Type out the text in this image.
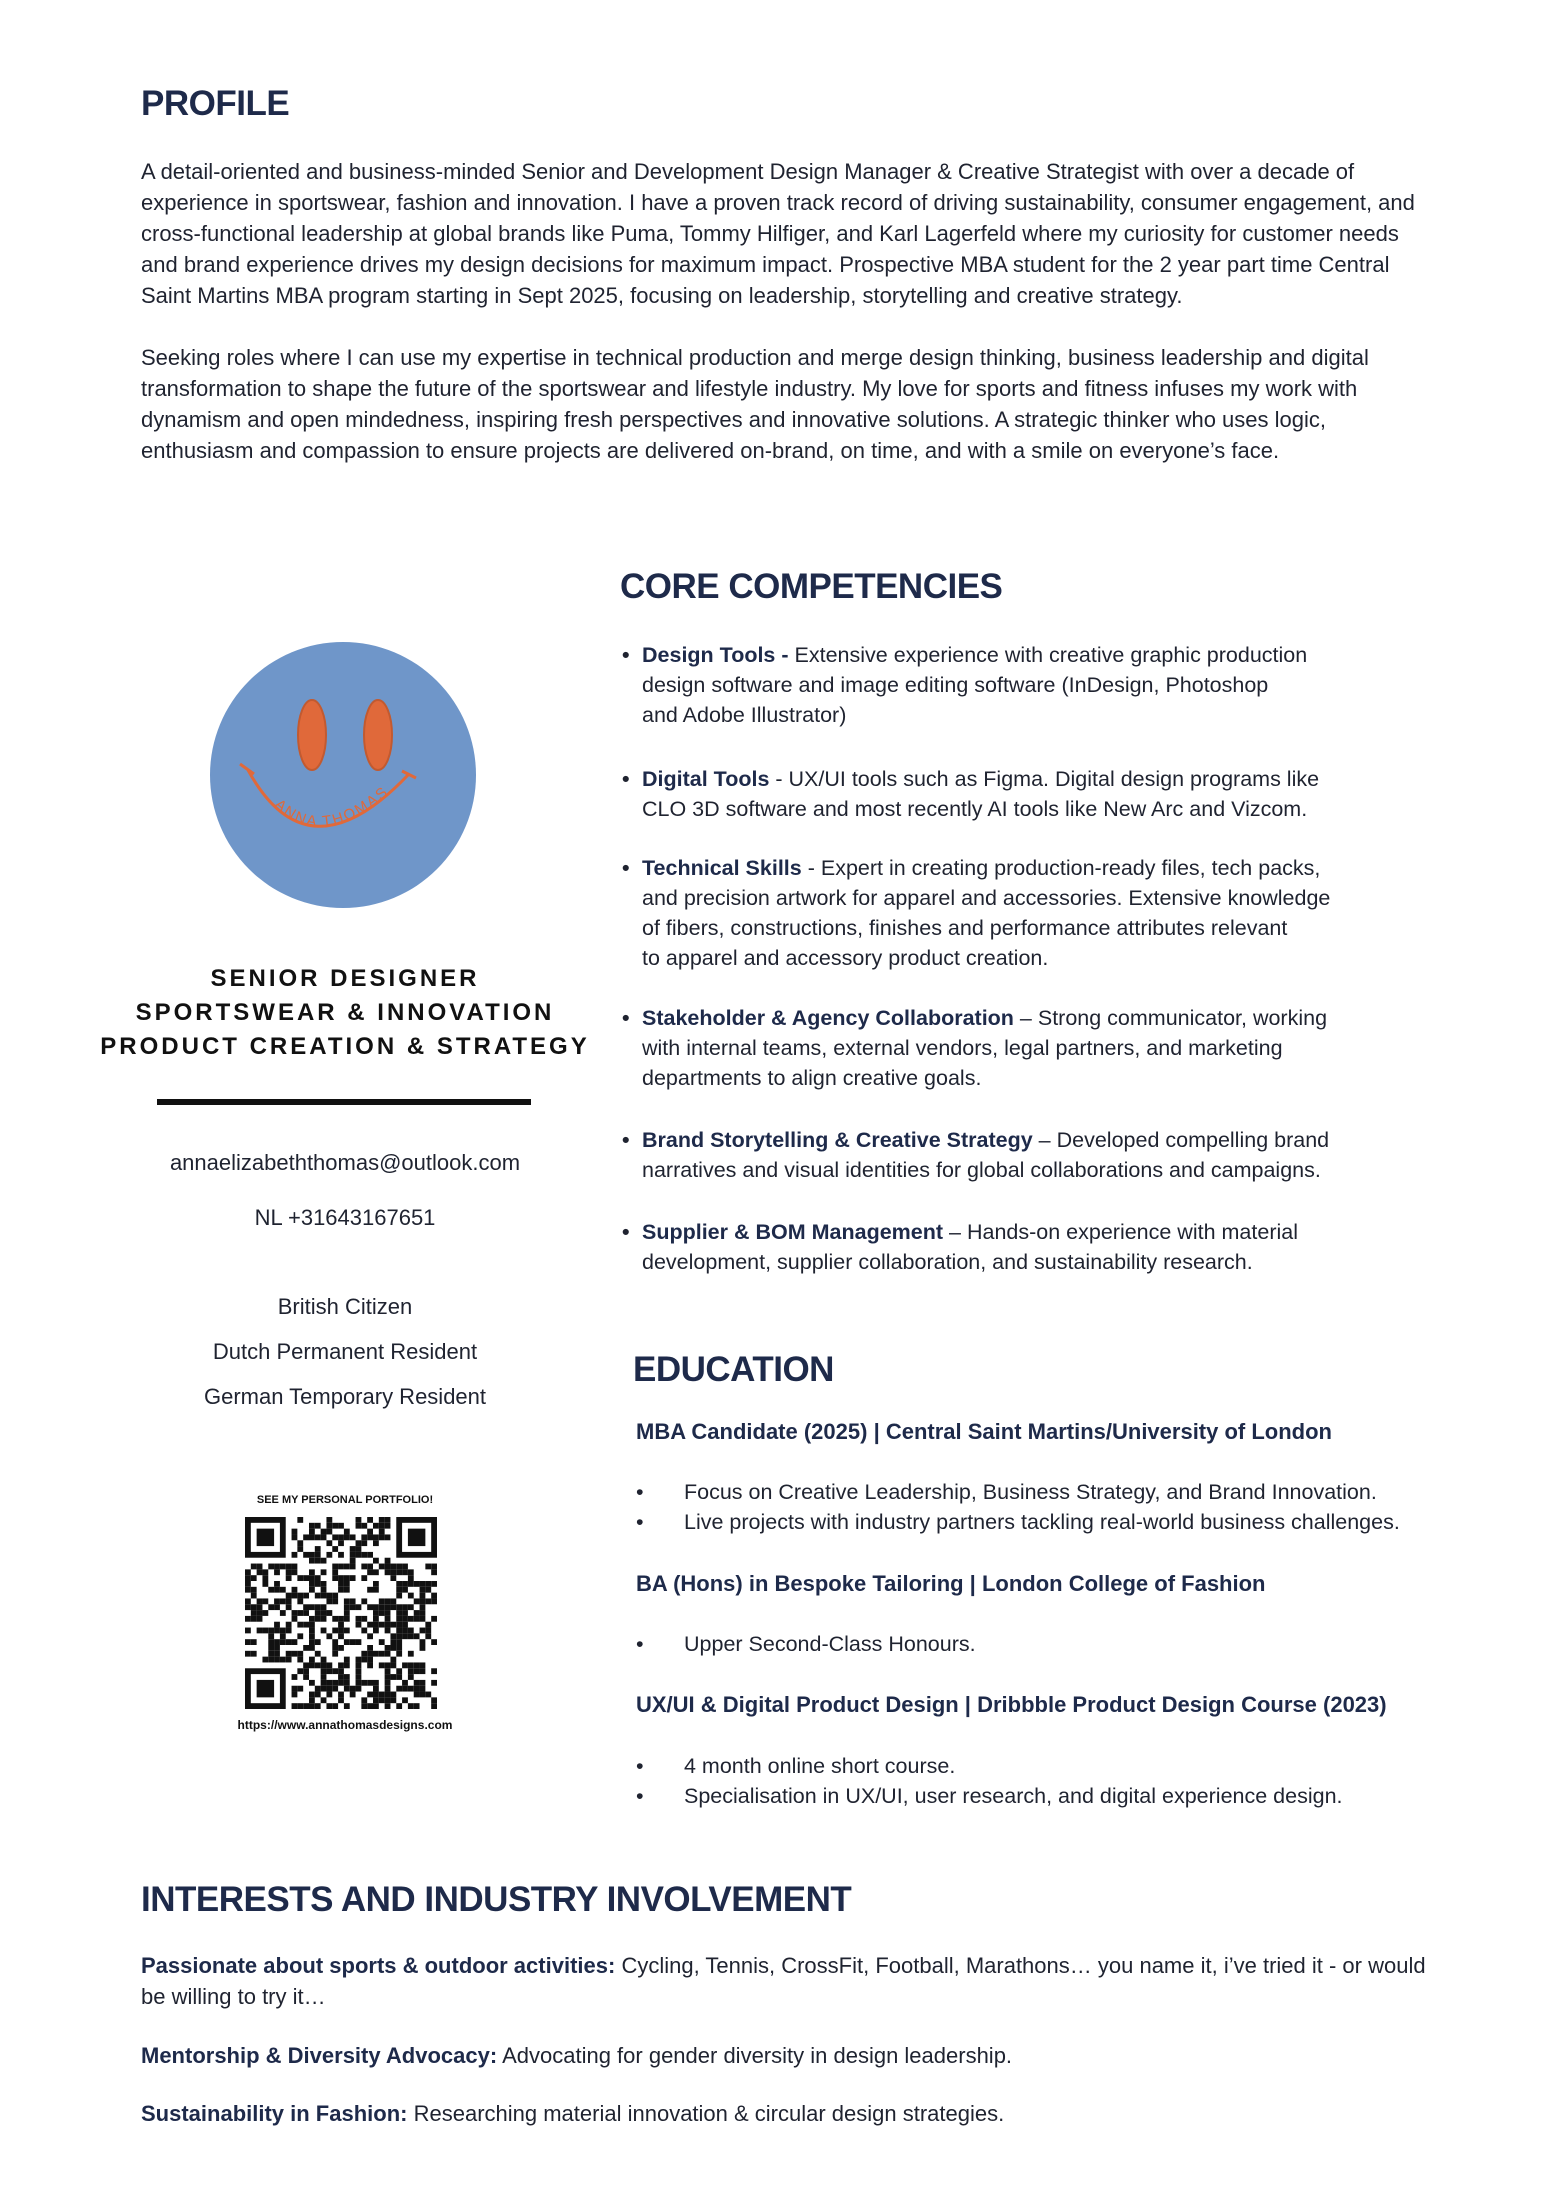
PROFILE

A detail-oriented and business-minded Senior and Development Design Manager & Creative Strategist with over a decade of experience in sportswear, fashion and innovation. I have a proven track record of driving sustainability, consumer engagement, and cross-functional leadership at global brands like Puma, Tommy Hilfiger, and Karl Lagerfeld where my curiosity for customer needs and brand experience drives my design decisions for maximum impact. Prospective MBA student for the 2 year part time Central Saint Martins MBA program starting in Sept 2025, focusing on leadership, storytelling and creative strategy.

Seeking roles where I can use my expertise in technical production and merge design thinking, business leadership and digital transformation to shape the future of the sportswear and lifestyle industry. My love for sports and fitness infuses my work with dynamism and open mindedness, inspiring fresh perspectives and innovative solutions. A strategic thinker who uses logic, enthusiasm and compassion to ensure projects are delivered on-brand, on time, and with a smile on everyone’s face.

ANNA THOMAS
SENIOR DESIGNER
SPORTSWEAR & INNOVATION
PRODUCT CREATION & STRATEGY
annaelizabeththomas@outlook.com
NL +31643167651
British Citizen
Dutch Permanent Resident
German Temporary Resident
SEE MY PERSONAL PORTFOLIO!
https://www.annathomasdesigns.com
CORE COMPETENCIES
• Design Tools - Extensive experience with creative graphic production
design software and image editing software (InDesign, Photoshop
and Adobe Illustrator)
• Digital Tools - UX/UI tools such as Figma. Digital design programs like
CLO 3D software and most recently AI tools like New Arc and Vizcom.
• Technical Skills - Expert in creating production-ready files, tech packs,
and precision artwork for apparel and accessories. Extensive knowledge
of fibers, constructions, finishes and performance attributes relevant
to apparel and accessory product creation.
• Stakeholder & Agency Collaboration – Strong communicator, working
with internal teams, external vendors, legal partners, and marketing
departments to align creative goals.
• Brand Storytelling & Creative Strategy – Developed compelling brand
narratives and visual identities for global collaborations and campaigns.
• Supplier & BOM Management – Hands-on experience with material
development, supplier collaboration, and sustainability research.
EDUCATION
MBA Candidate (2025) | Central Saint Martins/University of London
• Focus on Creative Leadership, Business Strategy, and Brand Innovation.
• Live projects with industry partners tackling real-world business challenges.
BA (Hons) in Bespoke Tailoring | London College of Fashion
• Upper Second-Class Honours.
UX/UI & Digital Product Design | Dribbble Product Design Course (2023)
• 4 month online short course.
• Specialisation in UX/UI, user research, and digital experience design.
INTERESTS AND INDUSTRY INVOLVEMENT
Passionate about sports & outdoor activities: Cycling, Tennis, CrossFit, Football, Marathons… you name it, i’ve tried it - or would be willing to try it…
Mentorship & Diversity Advocacy: Advocating for gender diversity in design leadership.
Sustainability in Fashion: Researching material innovation & circular design strategies.
